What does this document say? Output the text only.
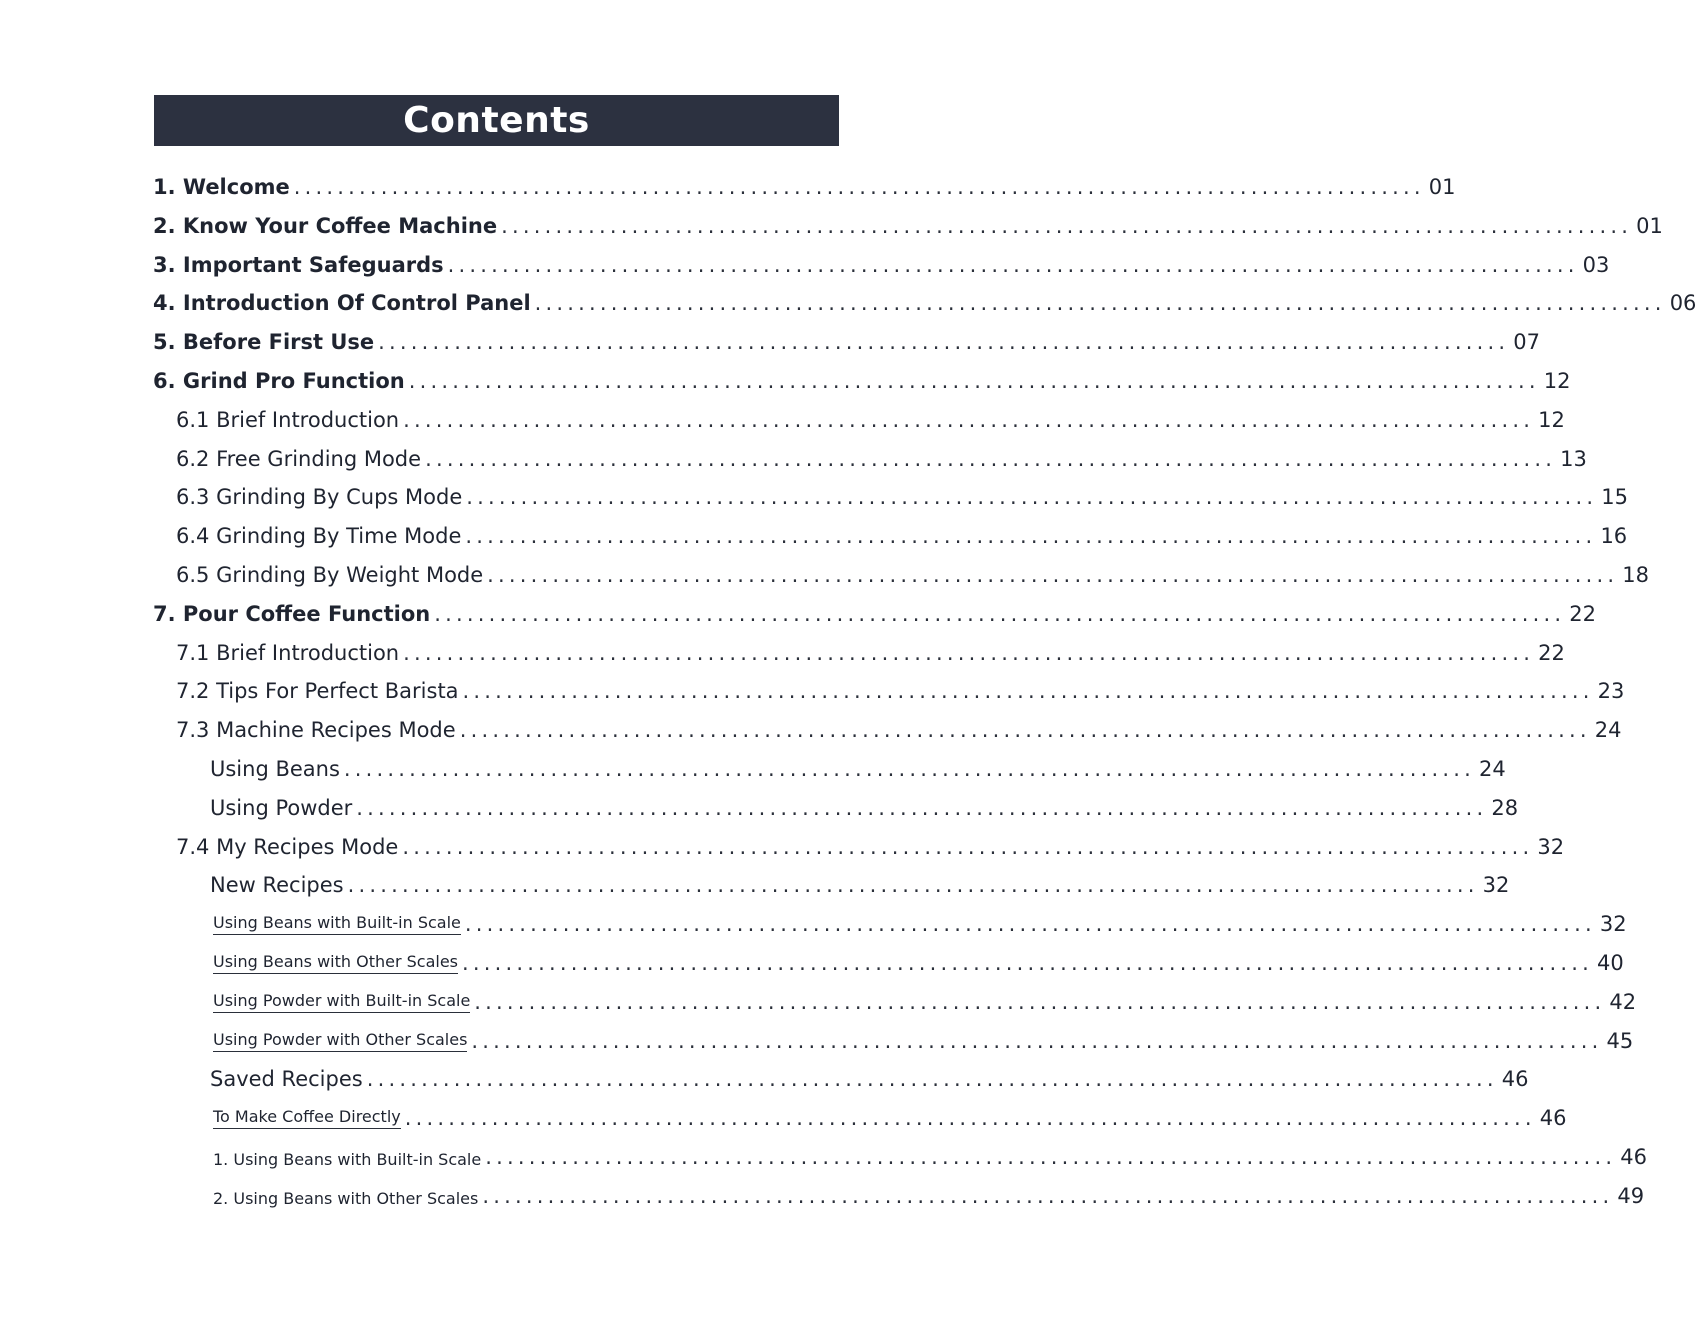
Contents
1. Welcome ........................................................................................................ 01
2. Know Your Coffee Machine ........................................................................................................ 01
3. Important Safeguards ........................................................................................................ 03
4. Introduction Of Control Panel ........................................................................................................ 06
5. Before First Use ........................................................................................................ 07
6. Grind Pro Function ........................................................................................................ 12
6.1 Brief Introduction ........................................................................................................ 12
6.2 Free Grinding Mode ........................................................................................................ 13
6.3 Grinding By Cups Mode ........................................................................................................ 15
6.4 Grinding By Time Mode ........................................................................................................ 16
6.5 Grinding By Weight Mode ........................................................................................................ 18
7. Pour Coffee Function ........................................................................................................ 22
7.1 Brief Introduction ........................................................................................................ 22
7.2 Tips For Perfect Barista ........................................................................................................ 23
7.3 Machine Recipes Mode ........................................................................................................ 24
Using Beans ........................................................................................................ 24
Using Powder ........................................................................................................ 28
7.4 My Recipes Mode ........................................................................................................ 32
New Recipes ........................................................................................................ 32
Using Beans with Built-in Scale ........................................................................................................ 32
Using Beans with Other Scales ........................................................................................................ 40
Using Powder with Built-in Scale ........................................................................................................ 42
Using Powder with Other Scales ........................................................................................................ 45
Saved Recipes ........................................................................................................ 46
To Make Coffee Directly ........................................................................................................ 46
1. Using Beans with Built-in Scale ........................................................................................................ 46
2. Using Beans with Other Scales ........................................................................................................ 49
